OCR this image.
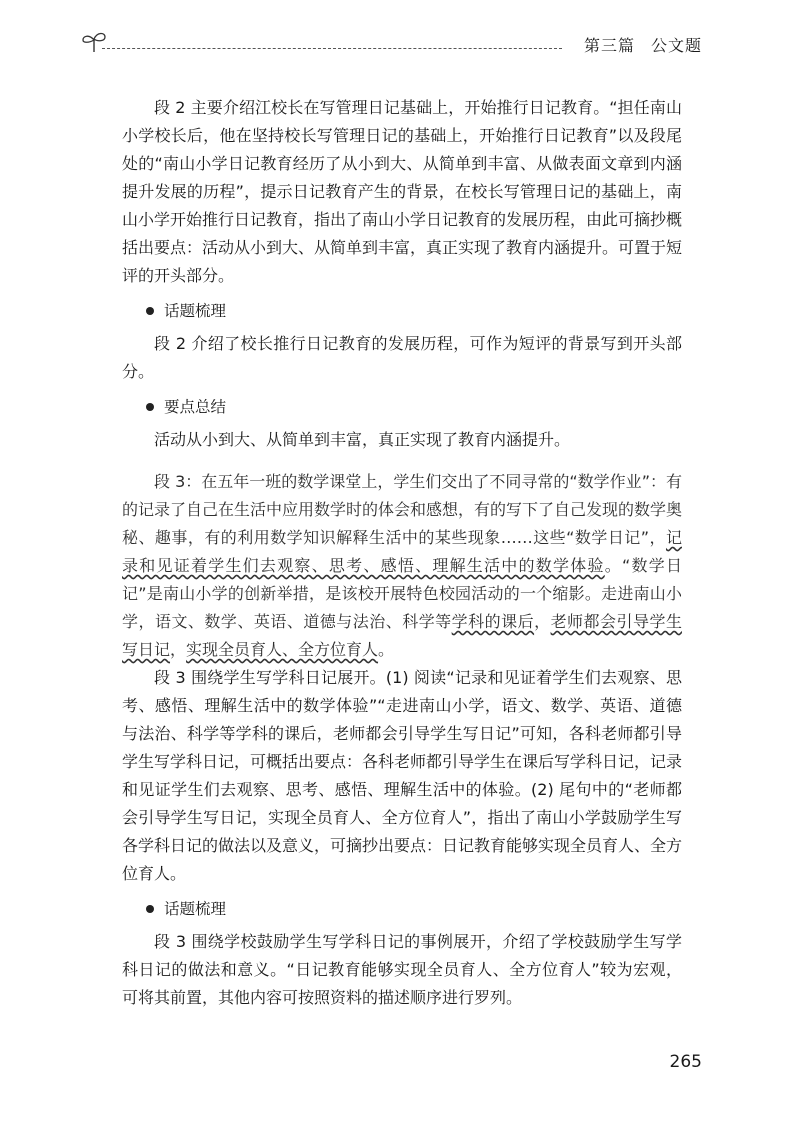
第三篇 公文题

段 2 主要介绍江校长在写管理日记基础上，开始推行日记教育。“担任南山小学校长后，他在坚持校长写管理日记的基础上，开始推行日记教育”以及段尾处的“南山小学日记教育经历了从小到大、从简单到丰富、从做表面文章到内涵提升发展的历程”，提示日记教育产生的背景，在校长写管理日记的基础上，南山小学开始推行日记教育，指出了南山小学日记教育的发展历程，由此可摘抄概括出要点：活动从小到大、从简单到丰富，真正实现了教育内涵提升。可置于短评的开头部分。

话题梳理

段 2 介绍了校长推行日记教育的发展历程，可作为短评的背景写到开头部分。

要点总结

活动从小到大、从简单到丰富，真正实现了教育内涵提升。

段 3：在五年一班的数学课堂上，学生们交出了不同寻常的“数学作业”：有的记录了自己在生活中应用数学时的体会和感想，有的写下了自己发现的数学奥秘、趣事，有的利用数学知识解释生活中的某些现象……这些“数学日记”，记录和见证着学生们去观察、思考、感悟、理解生活中的数学体验。“数学日记”是南山小学的创新举措，是该校开展特色校园活动的一个缩影。走进南山小学，语文、数学、英语、道德与法治、科学等学科的课后，老师都会引导学生写日记，实现全员育人、全方位育人。

段 3 围绕学生写学科日记展开。(1) 阅读“记录和见证着学生们去观察、思考、感悟、理解生活中的数学体验”“走进南山小学，语文、数学、英语、道德与法治、科学等学科的课后，老师都会引导学生写日记”可知，各科老师都引导学生写学科日记，可概括出要点：各科老师都引导学生在课后写学科日记，记录和见证学生们去观察、思考、感悟、理解生活中的体验。(2) 尾句中的“老师都会引导学生写日记，实现全员育人、全方位育人”，指出了南山小学鼓励学生写各学科日记的做法以及意义，可摘抄出要点：日记教育能够实现全员育人、全方位育人。

话题梳理

段 3 围绕学校鼓励学生写学科日记的事例展开，介绍了学校鼓励学生写学科日记的做法和意义。“日记教育能够实现全员育人、全方位育人”较为宏观，可将其前置，其他内容可按照资料的描述顺序进行罗列。

265
